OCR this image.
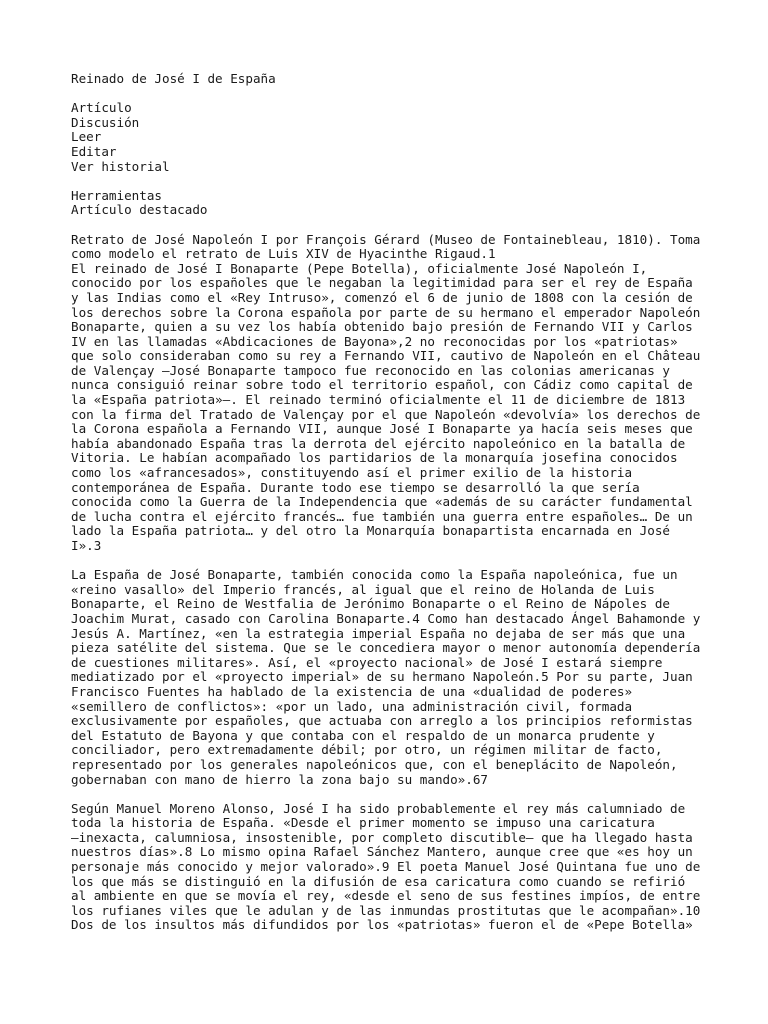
Reinado de José I de España
Artículo
Discusión
Leer
Editar
Ver historial
Herramientas
Artículo destacado

Retrato de José Napoleón I por François Gérard (Museo de Fontainebleau, 1810). Toma
como modelo el retrato de Luis XIV de Hyacinthe Rigaud.1
El reinado de José I Bonaparte (Pepe Botella), oficialmente José Napoleón I,
conocido por los españoles que le negaban la legitimidad para ser el rey de España
y las Indias como el «Rey Intruso», comenzó el 6 de junio de 1808 con la cesión de
los derechos sobre la Corona española por parte de su hermano el emperador Napoleón
Bonaparte, quien a su vez los había obtenido bajo presión de Fernando VII y Carlos
IV en las llamadas «Abdicaciones de Bayona»,2 no reconocidas por los «patriotas»
que solo consideraban como su rey a Fernando VII, cautivo de Napoleón en el Château
de Valençay —José Bonaparte tampoco fue reconocido en las colonias americanas y
nunca consiguió reinar sobre todo el territorio español, con Cádiz como capital de
la «España patriota»—. El reinado terminó oficialmente el 11 de diciembre de 1813
con la firma del Tratado de Valençay por el que Napoleón «devolvía» los derechos de
la Corona española a Fernando VII, aunque José I Bonaparte ya hacía seis meses que
había abandonado España tras la derrota del ejército napoleónico en la batalla de
Vitoria. Le habían acompañado los partidarios de la monarquía josefina conocidos
como los «afrancesados», constituyendo así el primer exilio de la historia
contemporánea de España. Durante todo ese tiempo se desarrolló la que sería
conocida como la Guerra de la Independencia que «además de su carácter fundamental
de lucha contra el ejército francés… fue también una guerra entre españoles… De un
lado la España patriota… y del otro la Monarquía bonapartista encarnada en José
I».3

La España de José Bonaparte, también conocida como la España napoleónica, fue un
«reino vasallo» del Imperio francés, al igual que el reino de Holanda de Luis
Bonaparte, el Reino de Westfalia de Jerónimo Bonaparte o el Reino de Nápoles de
Joachim Murat, casado con Carolina Bonaparte.4 Como han destacado Ángel Bahamonde y
Jesús A. Martínez, «en la estrategia imperial España no dejaba de ser más que una
pieza satélite del sistema. Que se le concediera mayor o menor autonomía dependería
de cuestiones militares». Así, el «proyecto nacional» de José I estará siempre
mediatizado por el «proyecto imperial» de su hermano Napoleón.5 Por su parte, Juan
Francisco Fuentes ha hablado de la existencia de una «dualidad de poderes»
«semillero de conflictos»: «por un lado, una administración civil, formada
exclusivamente por españoles, que actuaba con arreglo a los principios reformistas
del Estatuto de Bayona y que contaba con el respaldo de un monarca prudente y
conciliador, pero extremadamente débil; por otro, un régimen militar de facto,
representado por los generales napoleónicos que, con el beneplácito de Napoleón,
gobernaban con mano de hierro la zona bajo su mando».67

Según Manuel Moreno Alonso, José I ha sido probablemente el rey más calumniado de
toda la historia de España. «Desde el primer momento se impuso una caricatura
—inexacta, calumniosa, insostenible, por completo discutible— que ha llegado hasta
nuestros días».8 Lo mismo opina Rafael Sánchez Mantero, aunque cree que «es hoy un
personaje más conocido y mejor valorado».9 El poeta Manuel José Quintana fue uno de
los que más se distinguió en la difusión de esa caricatura como cuando se refirió
al ambiente en que se movía el rey, «desde el seno de sus festines impíos, de entre
los rufianes viles que le adulan y de las inmundas prostitutas que le acompañan».10
Dos de los insultos más difundidos por los «patriotas» fueron el de «Pepe Botella»
